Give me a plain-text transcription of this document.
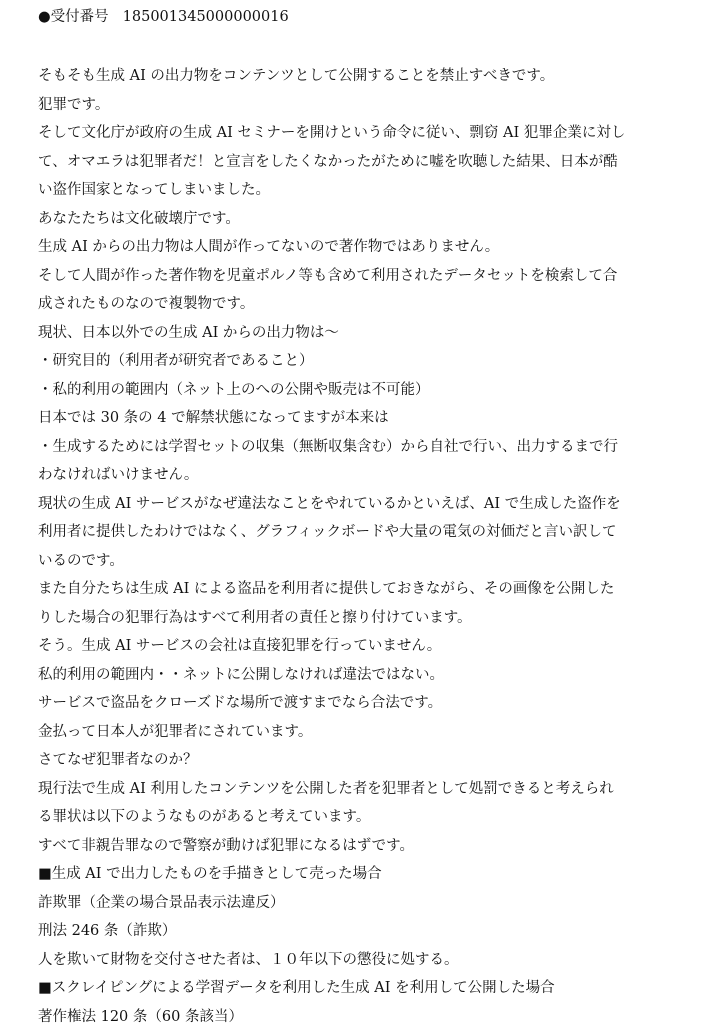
●受付番号 185001345000000016
そもそも生成 AI の出力物をコンテンツとして公開することを禁止すべきです。
犯罪です。
そして文化庁が政府の生成 AI セミナーを開けという命令に従い、剽窃 AI 犯罪企業に対し
て、オマエラは犯罪者だ！と宣言をしたくなかったがために嘘を吹聴した結果、日本が酷
い盗作国家となってしまいました。
あなたたちは文化破壊庁です。
生成 AI からの出力物は人間が作ってないので著作物ではありません。
そして人間が作った著作物を児童ポルノ等も含めて利用されたデータセットを検索して合
成されたものなので複製物です。
現状、日本以外での生成 AI からの出力物は～
・研究目的（利用者が研究者であること）
・私的利用の範囲内（ネット上のへの公開や販売は不可能）
日本では 30 条の 4 で解禁状態になってますが本来は
・生成するためには学習セットの収集（無断収集含む）から自社で行い、出力するまで行
わなければいけません。
現状の生成 AI サービスがなぜ違法なことをやれているかといえば、AI で生成した盗作を
利用者に提供したわけではなく、グラフィックボードや大量の電気の対価だと言い訳して
いるのです。
また自分たちは生成 AI による盗品を利用者に提供しておきながら、その画像を公開した
りした場合の犯罪行為はすべて利用者の責任と擦り付けています。
そう。生成 AI サービスの会社は直接犯罪を行っていません。
私的利用の範囲内・・ネットに公開しなければ違法ではない。
サービスで盗品をクローズドな場所で渡すまでなら合法です。
金払って日本人が犯罪者にされています。
さてなぜ犯罪者なのか？
現行法で生成 AI 利用したコンテンツを公開した者を犯罪者として処罰できると考えられ
る罪状は以下のようなものがあると考えています。
すべて非親告罪なので警察が動けば犯罪になるはずです。
■生成 AI で出力したものを手描きとして売った場合
詐欺罪（企業の場合景品表示法違反）
刑法 246 条（詐欺）
人を欺いて財物を交付させた者は、１０年以下の懲役に処する。
■スクレイピングによる学習データを利用した生成 AI を利用して公開した場合
著作権法 120 条（60 条該当）
